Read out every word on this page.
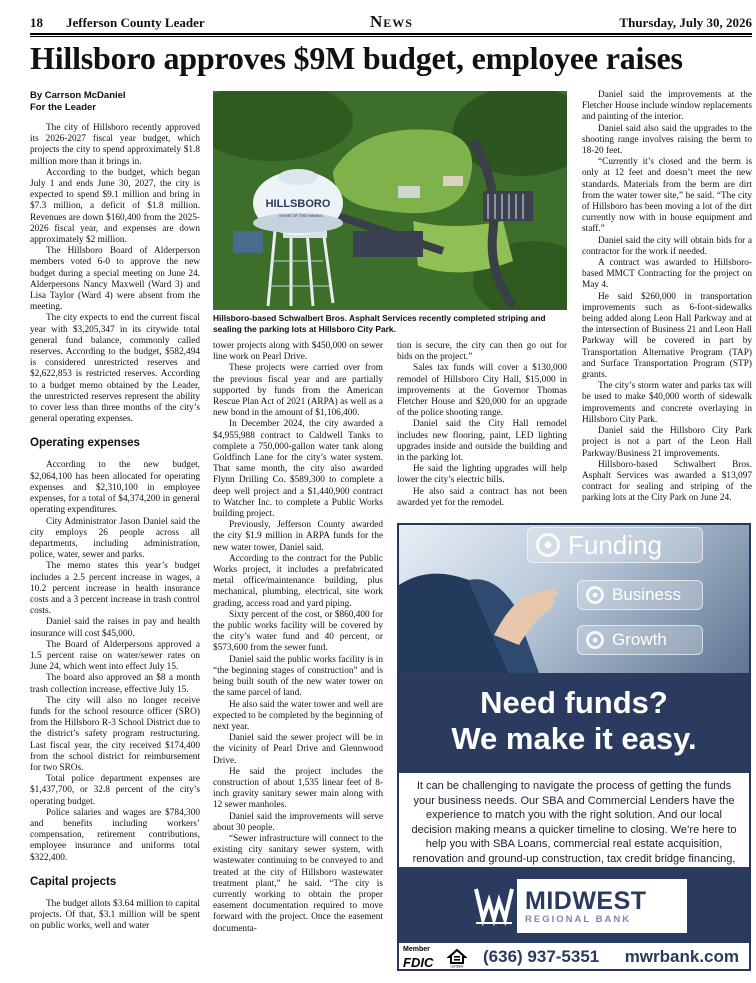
18 Jefferson County Leader	News	Thursday, July 30, 2026
Hillsboro approves $9M budget, employee raises
By Carrson McDaniel
For the Leader

The city of Hillsboro recently approved its 2026-2027 fiscal year budget, which projects the city to spend approximately $1.8 million more than it brings in.

According to the budget, which began July 1 and ends June 30, 2027, the city is expected to spend $9.1 million and bring in $7.3 million, a deficit of $1.8 million. Revenues are down $160,400 from the 2025-2026 fiscal year, and expenses are down approximately $2 million.

The Hillsboro Board of Alderperson members voted 6-0 to approve the new budget during a special meeting on June 24. Alderpersons Nancy Maxwell (Ward 3) and Lisa Taylor (Ward 4) were absent from the meeting.

The city expects to end the current fiscal year with $3,205,347 in its citywide total general fund balance, commonly called reserves. According to the budget, $582,494 is considered unrestricted reserves and $2,622,853 is restricted reserves. According to a budget memo obtained by the Leader, the unrestricted reserves represent the ability to cover less than three months of the city’s general operating expenses.

Operating expenses

According to the new budget, $2,064,100 has been allocated for operating expenses and $2,310,100 in employee expenses, for a total of $4,374,200 in general operating expenditures.

City Administrator Jason Daniel said the city employs 26 people across all departments, including administration, police, water, sewer and parks.

The memo states this year’s budget includes a 2.5 percent increase in wages, a 10.2 percent increase in health insurance costs and a 3 percent increase in trash control costs.

Daniel said the raises in pay and health insurance will cost $45,000.

The Board of Alderpersons approved a 1.5 percent raise on water/sewer rates on June 24, which went into effect July 15.

The board also approved an $8 a month trash collection increase, effective July 15.

The city will also no longer receive funds for the school resource officer (SRO) from the Hillsboro R-3 School District due to the district’s safety program restructuring. Last fiscal year, the city received $174,400 from the school district for reimbursement for two SROs.

Total police department expenses are $1,437,700, or 32.8 percent of the city’s operating budget.

Police salaries and wages are $784,300 and benefits including workers’ compensation, retirement contributions, employee insurance and uniforms total $322,400.

Capital projects

The budget allots $3.64 million to capital projects. Of that, $3.1 million will be spent on public works, well and water

HILLSBORO
HOME OF THE HAWKS
Hillsboro-based Schwalbert Bros. Asphalt Services recently completed striping and sealing the parking lots at Hillsboro City Park.

tower projects along with $450,000 on sewer line work on Pearl Drive.

These projects were carried over from the previous fiscal year and are partially supported by funds from the American Rescue Plan Act of 2021 (ARPA) as well as a new bond in the amount of $1,106,400.

In December 2024, the city awarded a $4,955,988 contract to Caldwell Tanks to complete a 750,000-gallon water tank along Goldfinch Lane for the city’s water system. That same month, the city also awarded Flynn Drilling Co. $589,300 to complete a deep well project and a $1,440,900 contract to Watcher Inc. to complete a Public Works building project.

Previously, Jefferson County awarded the city $1.9 million in ARPA funds for the new water tower, Daniel said.

According to the contract for the Public Works project, it includes a prefabricated metal office/maintenance building, plus mechanical, plumbing, electrical, site work grading, access road and yard piping.

Sixty percent of the cost, or $860,400 for the public works facility will be covered by the city’s water fund and 40 percent, or $573,600 from the sewer fund.

Daniel said the public works facility is in “the beginning stages of construction” and is being built south of the new water tower on the same parcel of land.

He also said the water tower and well are expected to be completed by the beginning of next year.

Daniel said the sewer project will be in the vicinity of Pearl Drive and Glennwood Drive.

He said the project includes the construction of about 1,535 linear feet of 8-inch gravity sanitary sewer main along with 12 sewer manholes.

Daniel said the improvements will serve about 30 people.

“Sewer infrastructure will connect to the existing city sanitary sewer system, with wastewater continuing to be conveyed to and treated at the city of Hillsboro wastewater treatment plant,” he said. “The city is currently working to obtain the proper easement documentation required to move forward with the project. Once the easement documenta-

tion is secure, the city can then go out for bids on the project.”

Sales tax funds will cover a $130,000 remodel of Hillsboro City Hall, $15,000 in improvements at the Governor Thomas Fletcher House and $20,000 for an upgrade of the police shooting range.

Daniel said the City Hall remodel includes new flooring, paint, LED lighting upgrades inside and outside the building and in the parking lot.

He said the lighting upgrades will help lower the city’s electric bills.

He also said a contract has not been awarded yet for the remodel.

Daniel said the improvements at the Fletcher House include window replacements and painting of the interior.

Daniel said also said the upgrades to the shooting range involves raising the berm to 18-20 feet.

“Currently it’s closed and the berm is only at 12 feet and doesn’t meet the new standards. Materials from the berm are dirt from the water tower site,” he said. “The city of Hillsboro has been moving a lot of the dirt currently now with in house equipment and staff.”

Daniel said the city will obtain bids for a contractor for the work if needed.

A contract was awarded to Hillsboro-based MMCT Contracting for the project on May 4.

He said $260,000 in transportation improvements such as 6-foot-sidewalks being added along Leon Hall Parkway and at the intersection of Business 21 and Leon Hall Parkway will be covered in part by Transportation Alternative Program (TAP) and Surface Transportation Program (STP) grants.

The city’s storm water and parks tax will be used to make $40,000 worth of sidewalk improvements and concrete overlaying in Hillsboro City Park.

Daniel said the Hillsboro City Park project is not a part of the Leon Hall Parkway/Business 21 improvements.

Hillsboro-based Schwalbert Bros. Asphalt Services was awarded a $13,097 contract for sealing and striping of the parking lots at the City Park on June 24.

Funding
Business
Growth
Need funds?
We make it easy.
It can be challenging to navigate the process of getting the funds your business needs. Our SBA and Commercial Lenders have the experience to match you with the right solution. And our local decision making means a quicker timeline to closing. We’re here to help you with SBA Loans, commercial real estate acquisition, renovation and ground-up construction, tax credit bridge financing,
MIDWEST
REGIONAL BANK
Member
FDIC	LENDER
(636) 937-5351 mwrbank.com
